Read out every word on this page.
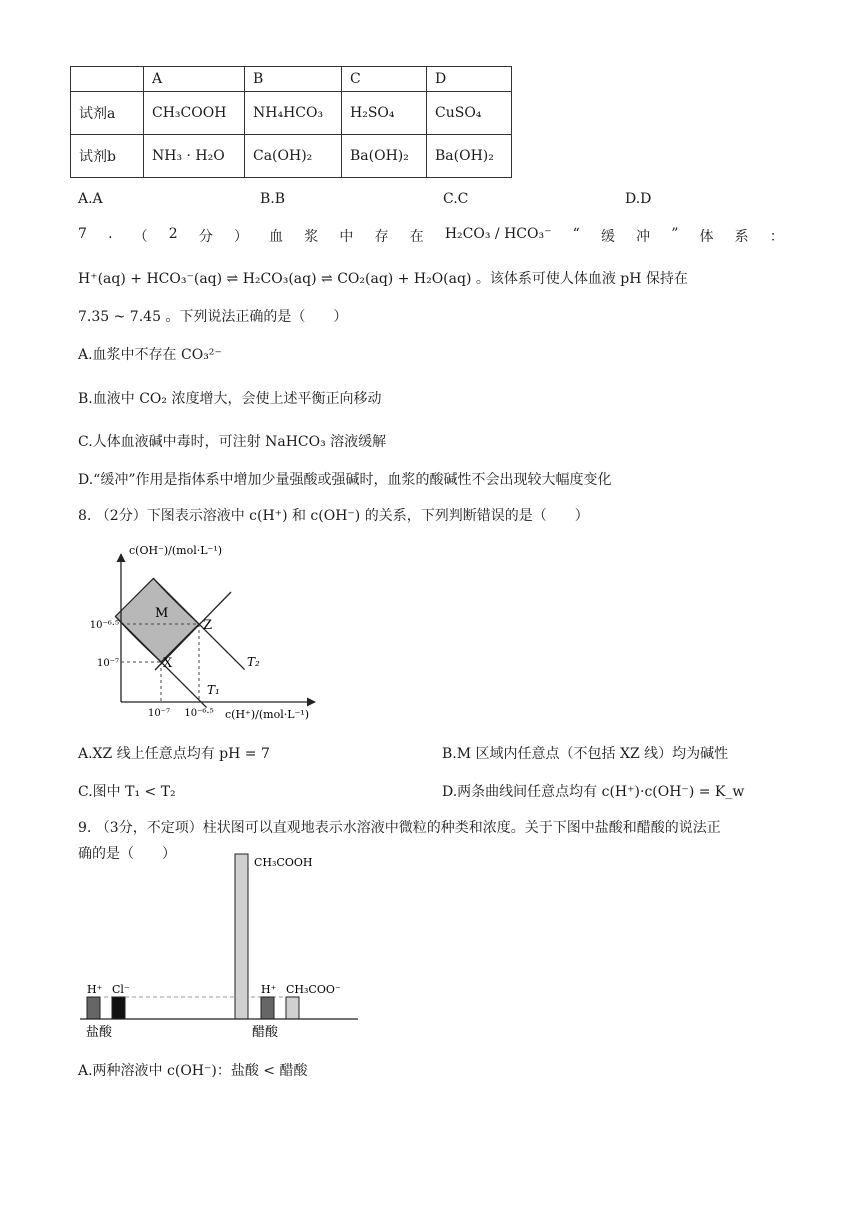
	A	B	C	D
试剂a	CH₃COOH	NH₄HCO₃	H₂SO₄	CuSO₄
试剂b	NH₃ · H₂O	Ca(OH)₂	Ba(OH)₂	Ba(OH)₂
A.A	B.B	C.C	D.D
7 . （ 2 分 ） 血 浆 中 存 在 H₂CO₃ / HCO₃⁻ “ 缓 冲 ” 体 系 ：
H⁺(aq) + HCO₃⁻(aq) ⇌ H₂CO₃(aq) ⇌ CO₂(aq) + H₂O(aq) 。该体系可使人体血液 pH 保持在
7.35 ~ 7.45 。下列说法正确的是（　　）
A.血浆中不存在 CO₃²⁻
B.血液中 CO₂ 浓度增大，会使上述平衡正向移动
C.人体血液碱中毒时，可注射 NaHCO₃ 溶液缓解
D.“缓冲”作用是指体系中增加少量强酸或强碱时，血浆的酸碱性不会出现较大幅度变化
8. （2分）下图表示溶液中 c(H⁺) 和 c(OH⁻) 的关系，下列判断错误的是（　　）
M
X
Z
T₁
T₂
10⁻⁷
10⁻⁶·⁵
10⁻⁷ 10⁻⁶·⁵
c(OH⁻)/(mol·L⁻¹)
c(H⁺)/(mol·L⁻¹)
A.XZ 线上任意点均有 pH = 7	B.M 区域内任意点（不包括 XZ 线）均为碱性
C.图中 T₁ < T₂	D.两条曲线间任意点均有 c(H⁺)·c(OH⁻) = K_w
9. （3分，不定项）柱状图可以直观地表示水溶液中微粒的种类和浓度。关于下图中盐酸和醋酸的说法正
确的是（　　）
H⁺ Cl⁻
CH₃COOH
H⁺ CH₃COO⁻
盐酸	醋酸
A.两种溶液中 c(OH⁻)：盐酸 < 醋酸
